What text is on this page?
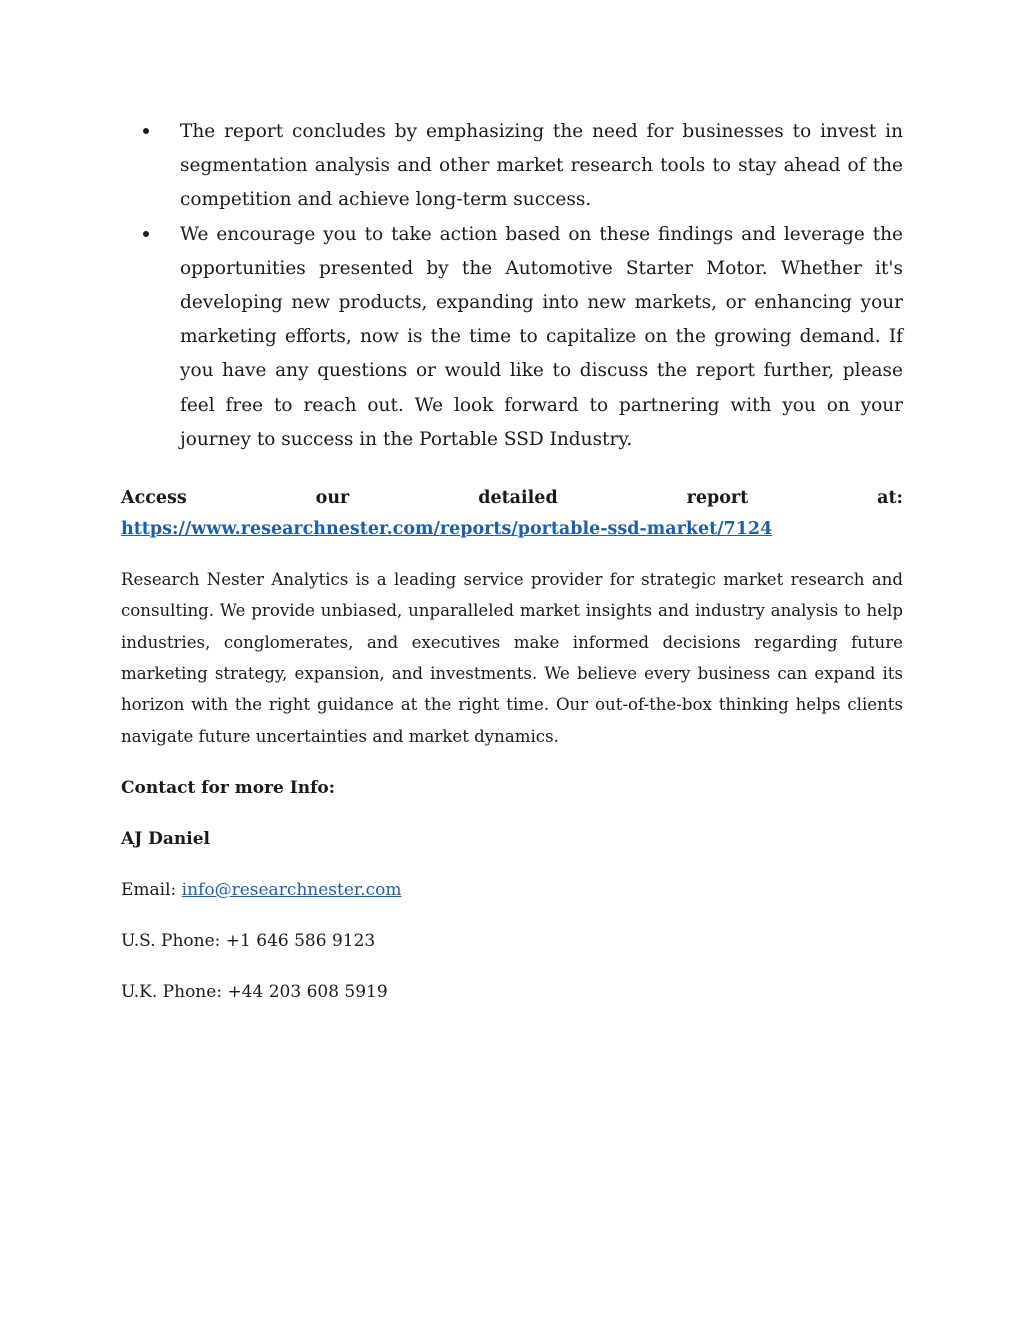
The report concludes by emphasizing the need for businesses to invest in segmentation analysis and other market research tools to stay ahead of the competition and achieve long-term success.
We encourage you to take action based on these findings and leverage the opportunities presented by the Automotive Starter Motor. Whether it's developing new products, expanding into new markets, or enhancing your marketing efforts, now is the time to capitalize on the growing demand. If you have any questions or would like to discuss the report further, please feel free to reach out. We look forward to partnering with you on your journey to success in the Portable SSD Industry.

Access our detailed report at: https://www.researchnester.com/reports/portable-ssd-market/7124

Research Nester Analytics is a leading service provider for strategic market research and consulting. We provide unbiased, unparalleled market insights and industry analysis to help industries, conglomerates, and executives make informed decisions regarding future marketing strategy, expansion, and investments. We believe every business can expand its horizon with the right guidance at the right time. Our out-of-the-box thinking helps clients navigate future uncertainties and market dynamics.

Contact for more Info:

AJ Daniel

Email: info@researchnester.com

U.S. Phone: +1 646 586 9123

U.K. Phone: +44 203 608 5919
